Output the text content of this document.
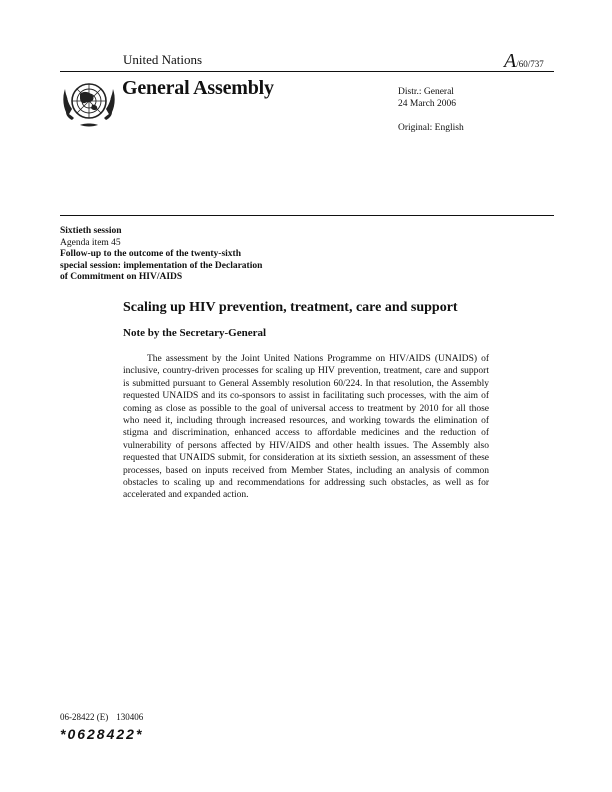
United Nations	A/60/737
General Assembly	Distr.: General
24 March 2006
Original: English
Sixtieth session
Agenda item 45
Follow-up to the outcome of the twenty-sixth
special session: implementation of the Declaration
of Commitment on HIV/AIDS
Scaling up HIV prevention, treatment, care and support
Note by the Secretary-General

The assessment by the Joint United Nations Programme on HIV/AIDS (UNAIDS) of inclusive, country-driven processes for scaling up HIV prevention, treatment, care and support is submitted pursuant to General Assembly resolution 60/224. In that resolution, the Assembly requested UNAIDS and its co-sponsors to assist in facilitating such processes, with the aim of coming as close as possible to the goal of universal access to treatment by 2010 for all those who need it, including through increased resources, and working towards the elimination of stigma and discrimination, enhanced access to affordable medicines and the reduction of vulnerability of persons affected by HIV/AIDS and other health issues. The Assembly also requested that UNAIDS submit, for consideration at its sixtieth session, an assessment of these processes, based on inputs received from Member States, including an analysis of common obstacles to scaling up and recommendations for addressing such obstacles, as well as for accelerated and expanded action.

06-28422 (E) 130406
*0628422*
